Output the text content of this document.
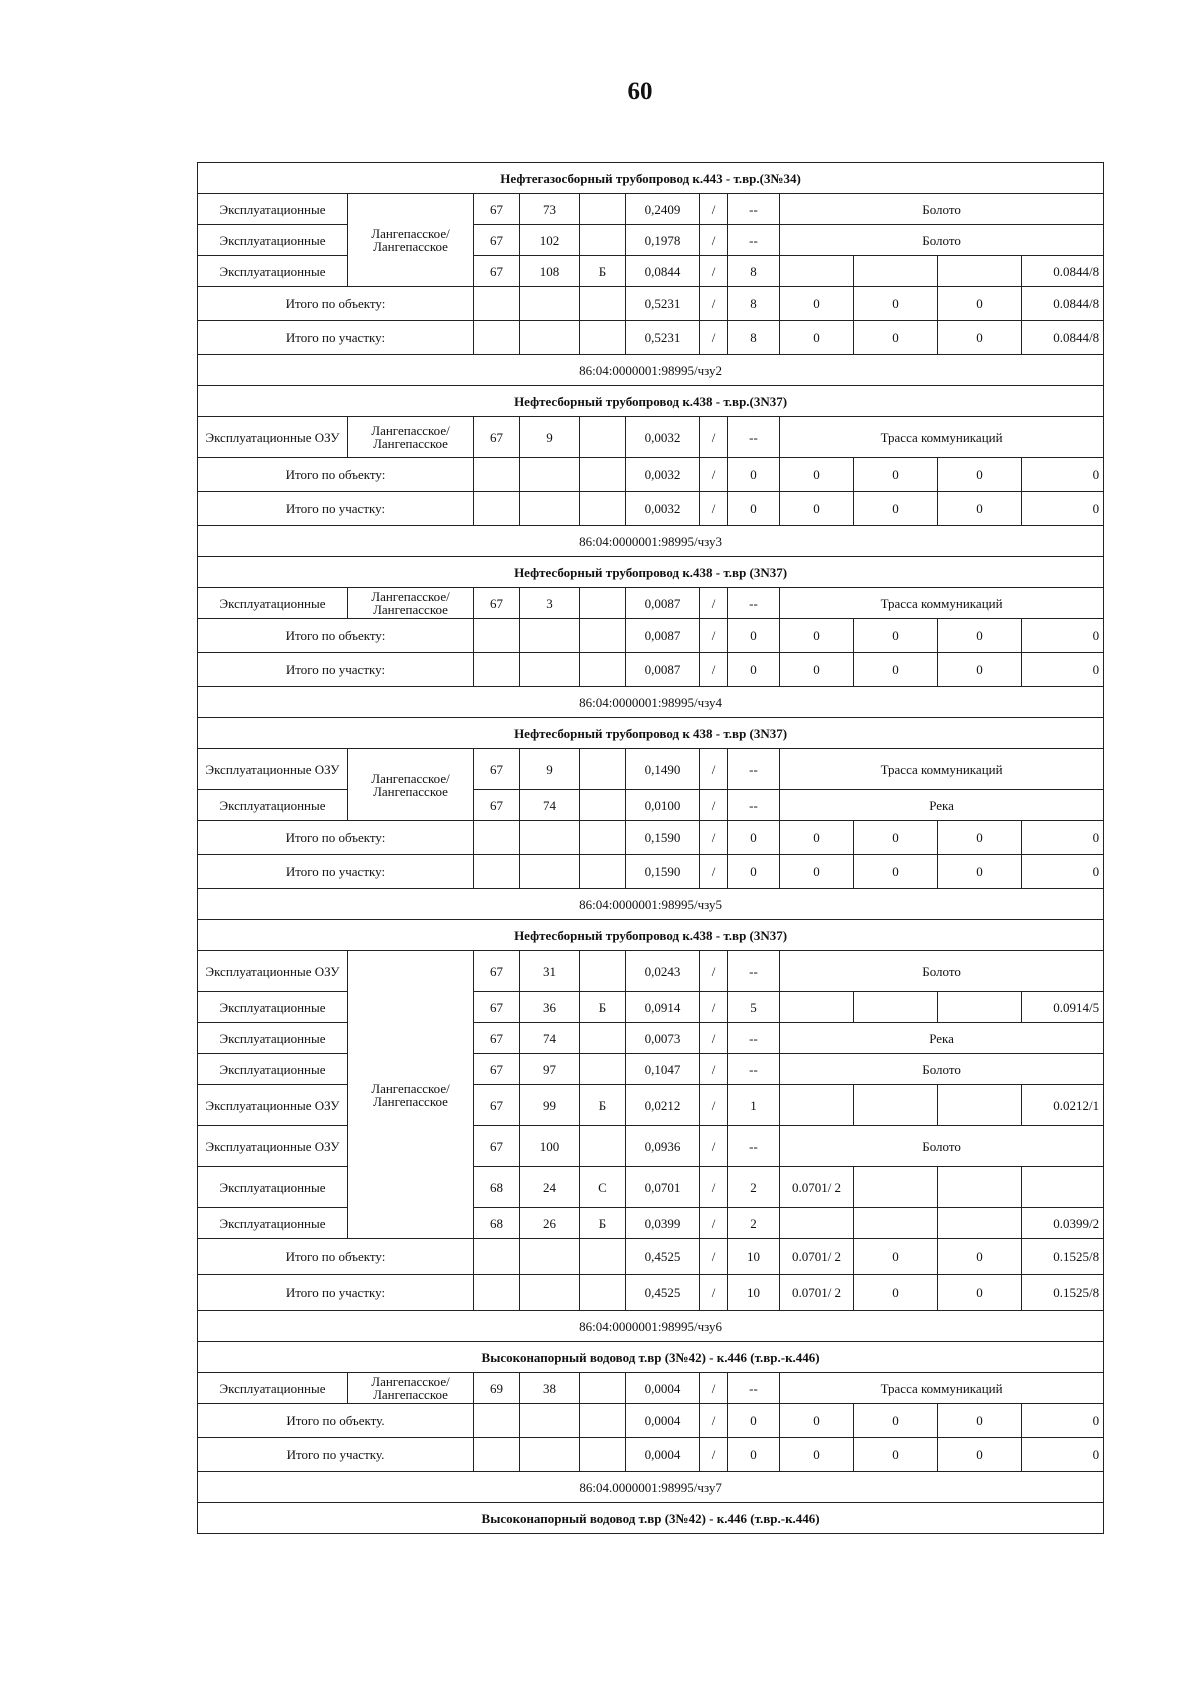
60
Нефтегазосборный трубопровод к.443 - т.вр.(3№34)											
Эксплуатационные	Лангепасское/ Лангепасское	67	73		0,2409	/	--	Болото			
Эксплуатационные		67	102		0,1978	/	--	Болото			
Эксплуатационные		67	108	Б	0,0844	/	8				0.0844/8
Итого по объекту:					0,5231	/	8	0	0	0	0.0844/8
Итого по участку:					0,5231	/	8	0	0	0	0.0844/8
86:04:0000001:98995/чзу2											
Нефтесборный трубопровод к.438 - т.вр.(3N37)											
Эксплуатационные ОЗУ	Лангепасское/ Лангепасское	67	9		0,0032	/	--	Трасса коммуникаций			
Итого по объекту:					0,0032	/	0	0	0	0	0
Итого по участку:					0,0032	/	0	0	0	0	0
86:04:0000001:98995/чзу3											
Нефтесборный трубопровод к.438 - т.вр (3N37)											
Эксплуатационные	Лангепасское/ Лангепасское	67	3		0,0087	/	--	Трасса коммуникаций			
Итого по объекту:					0,0087	/	0	0	0	0	0
Итого по участку:					0,0087	/	0	0	0	0	0
86:04:0000001:98995/чзу4											
Нефтесборный трубопровод к 438 - т.вр (3N37)											
Эксплуатационные ОЗУ	Лангепасское/ Лангепасское	67	9		0,1490	/	--	Трасса коммуникаций			
Эксплуатационные		67	74		0,0100	/	--	Река			
Итого по объекту:					0,1590	/	0	0	0	0	0
Итого по участку:					0,1590	/	0	0	0	0	0
86:04:0000001:98995/чзу5											
Нефтесборный трубопровод к.438 - т.вр (3N37)											
Эксплуатационные ОЗУ	Лангепасское/ Лангепасское	67	31		0,0243	/	--	Болото			
Эксплуатационные		67	36	Б	0,0914	/	5				0.0914/5
Эксплуатационные		67	74		0,0073	/	--	Река			
Эксплуатационные		67	97		0,1047	/	--	Болото			
Эксплуатационные ОЗУ		67	99	Б	0,0212	/	1				0.0212/1
Эксплуатационные ОЗУ		67	100		0,0936	/	--	Болото			
Эксплуатационные		68	24	С	0,0701	/	2	0.0701/ 2			
Эксплуатационные		68	26	Б	0,0399	/	2				0.0399/2
Итого по объекту:					0,4525	/	10	0.0701/ 2	0	0	0.1525/8
Итого по участку:					0,4525	/	10	0.0701/ 2	0	0	0.1525/8
86:04:0000001:98995/чзу6											
Высоконапорный водовод т.вр (3№42) - к.446 (т.вр.-к.446)											
Эксплуатационные	Лангепасское/ Лангепасское	69	38		0,0004	/	--	Трасса коммуникаций			
Итого по объекту.					0,0004	/	0	0	0	0	0
Итого по участку.					0,0004	/	0	0	0	0	0
86:04.0000001:98995/чзу7											
Высоконапорный водовод т.вр (3№42) - к.446 (т.вр.-к.446)											
